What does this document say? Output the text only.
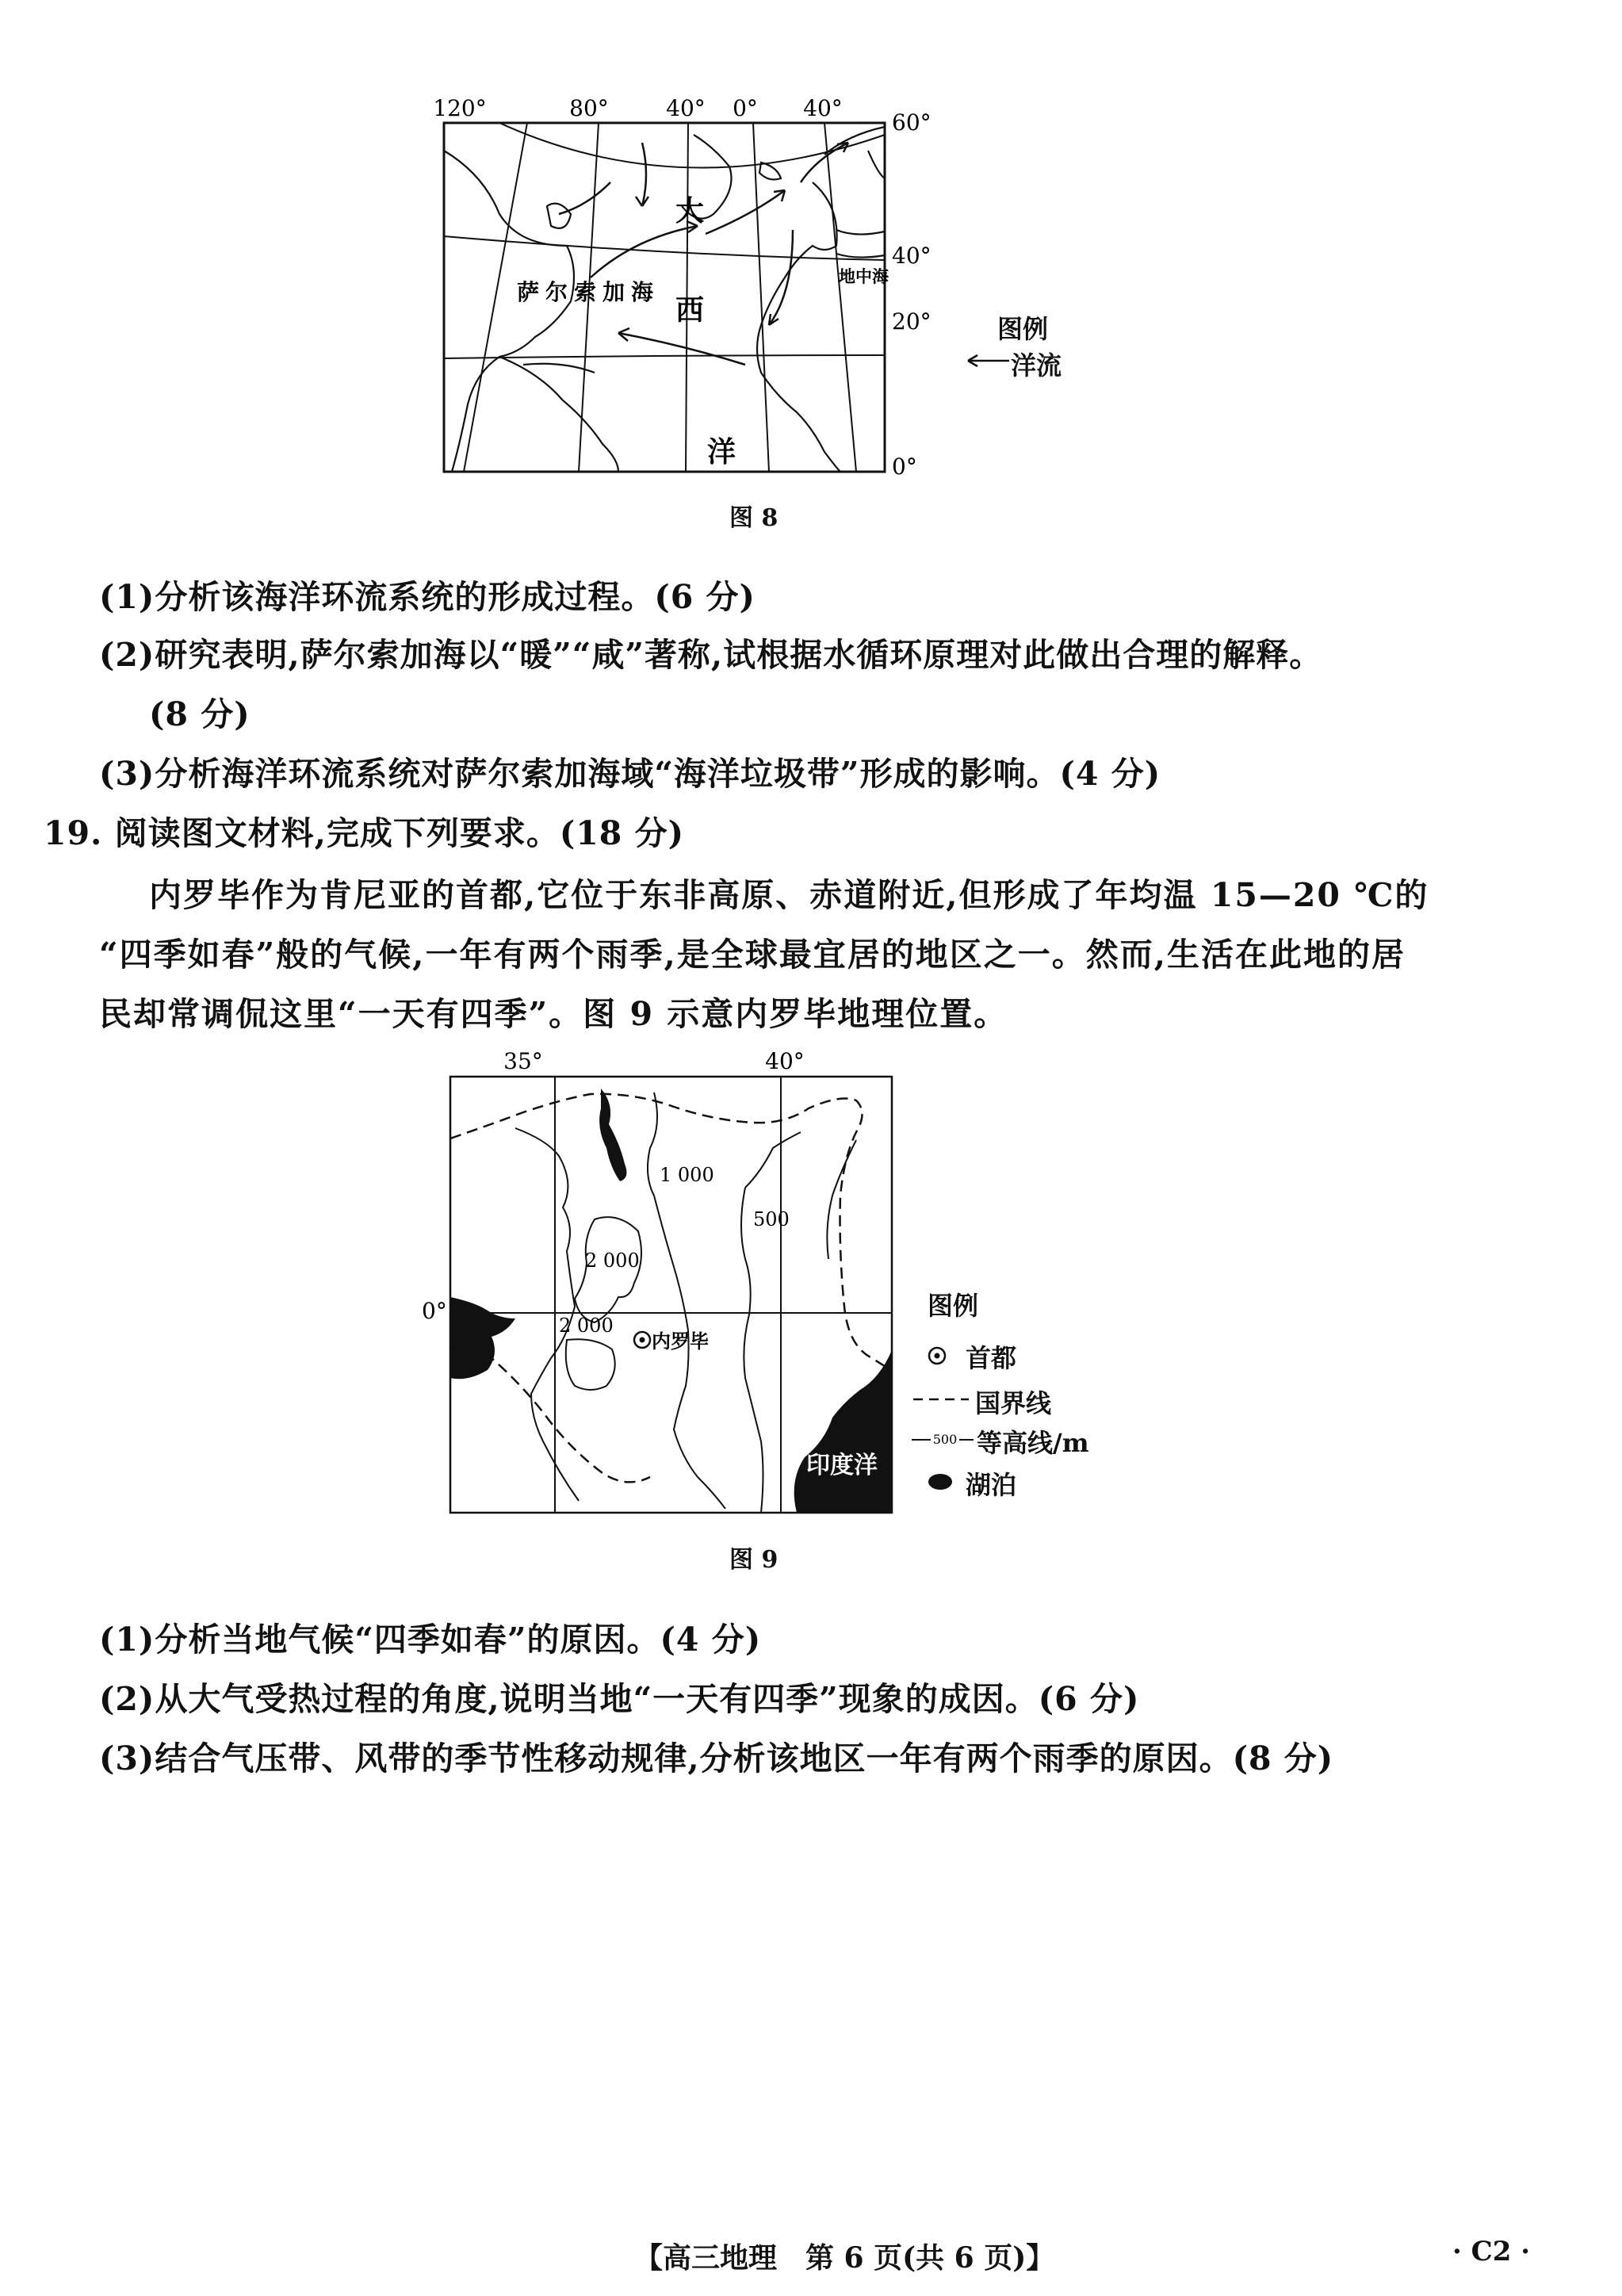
120°	80°	40° 0° 40°
60°
40°
20°
0°
大
西
洋
萨尔索加海
地中海
图例
洋流
图 8
(1)分析该海洋环流系统的形成过程。(6 分)
(2)研究表明,萨尔索加海以“暖”“咸”著称,试根据水循环原理对此做出合理的解释。
(8 分)
(3)分析海洋环流系统对萨尔索加海域“海洋垃圾带”形成的影响。(4 分)
19. 阅读图文材料,完成下列要求。(18 分)
内罗毕作为肯尼亚的首都,它位于东非高原、赤道附近,但形成了年均温 15—20 ℃的
“四季如春”般的气候,一年有两个雨季,是全球最宜居的地区之一。然而,生活在此地的居
民却常调侃这里“一天有四季”。图 9 示意内罗毕地理位置。
35°	40°
0°
1 000
500
2 000
2 000
内罗毕
印度洋
图例
首都
国界线
500 等高线/m
湖泊
图 9
(1)分析当地气候“四季如春”的原因。(4 分)
(2)从大气受热过程的角度,说明当地“一天有四季”现象的成因。(6 分)
(3)结合气压带、风带的季节性移动规律,分析该地区一年有两个雨季的原因。(8 分)
【高三地理　第 6 页(共 6 页)】	· C2 ·
